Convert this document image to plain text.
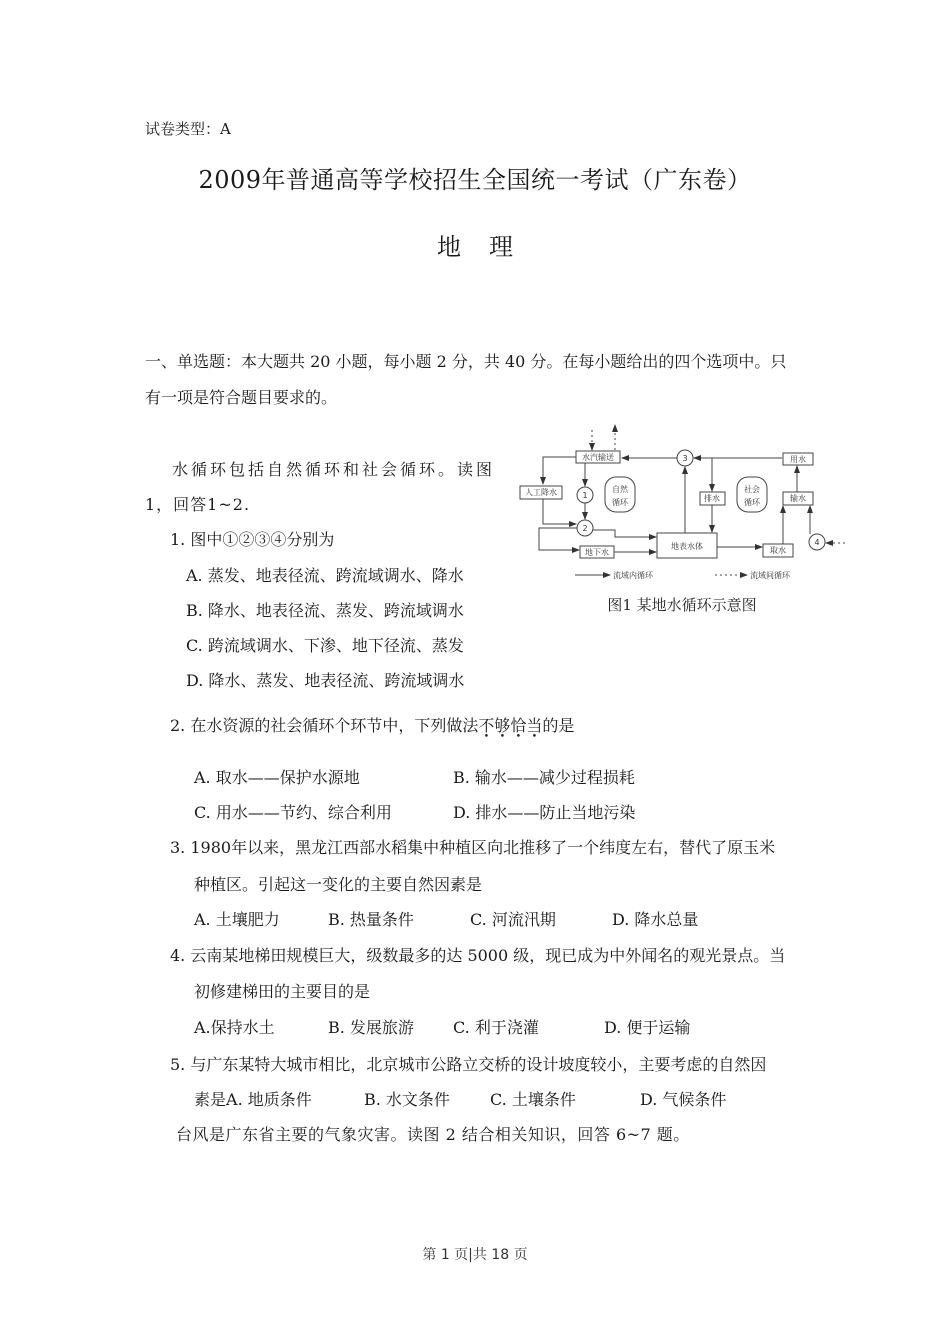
试卷类型：A
2009年普通高等学校招生全国统一考试（广东卷）
地理
一、单选题：本大题共 20 小题，每小题 2 分，共 40 分。在每小题给出的四个选项中。只
有一项是符合题目要求的。
水循环包括自然循环和社会循环。读图
1，回答1~2.
1. 图中①②③④分别为
A. 蒸发、地表径流、跨流域调水、降水
B. 降水、地表径流、蒸发、跨流域调水
C. 跨流域调水、下渗、地下径流、蒸发
D. 降水、蒸发、地表径流、跨流域调水
水汽输送
人工降水
地下水
地表水体
排水
用水
输水
取水
自然
循环
社会
循环
1
2
3
4
流域内循环	流域间循环
图1 某地水循环示意图
2. 在水资源的社会循环个环节中，下列做法不够恰当的是
A. 取水——保护水源地	B. 输水——减少过程损耗
C. 用水——节约、综合利用	D. 排水——防止当地污染
3. 1980年以来，黑龙江西部水稻集中种植区向北推移了一个纬度左右，替代了原玉米
种植区。引起这一变化的主要自然因素是
A. 土壤肥力	B. 热量条件	C. 河流汛期	D. 降水总量
4. 云南某地梯田规模巨大，级数最多的达 5000 级，现已成为中外闻名的观光景点。当
初修建梯田的主要目的是
A.保持水土	B. 发展旅游 C. 利于浇灌	D. 便于运输
5. 与广东某特大城市相比，北京城市公路立交桥的设计坡度较小，主要考虑的自然因
素是A. 地质条件	B. 水文条件	C. 土壤条件	D. 气候条件
台风是广东省主要的气象灾害。读图 2 结合相关知识，回答 6~7 题。
第 1 页|共 18 页
